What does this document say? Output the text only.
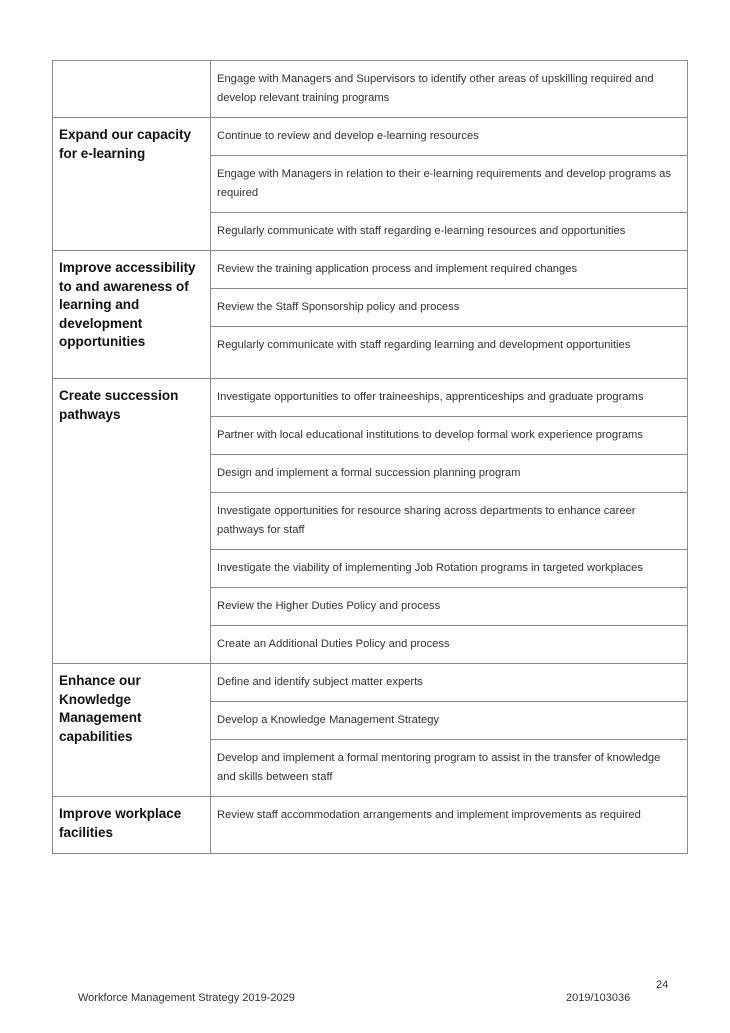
	Engage with Managers and Supervisors to identify other areas of upskilling required and develop relevant training programs
Expand our capacity for e-learning	Continue to review and develop e-learning resources
	Engage with Managers in relation to their e-learning requirements and develop programs as required
	Regularly communicate with staff regarding e-learning resources and opportunities
Improve accessibility to and awareness of learning and development opportunities	Review the training application process and implement required changes
	Review the Staff Sponsorship policy and process
	Regularly communicate with staff regarding learning and development opportunities
Create succession pathways	Investigate opportunities to offer traineeships, apprenticeships and graduate programs
	Partner with local educational institutions to develop formal work experience programs
	Design and implement a formal succession planning program
	Investigate opportunities for resource sharing across departments to enhance career pathways for staff
	Investigate the viability of implementing Job Rotation programs in targeted workplaces
	Review the Higher Duties Policy and process
	Create an Additional Duties Policy and process
Enhance our Knowledge Management capabilities	Define and identify subject matter experts
	Develop a Knowledge Management Strategy
	Develop and implement a formal mentoring program to assist in the transfer of knowledge and skills between staff
Improve workplace facilities	Review staff accommodation arrangements and implement improvements as required
24
Workforce Management Strategy 2019-2029	2019/103036
